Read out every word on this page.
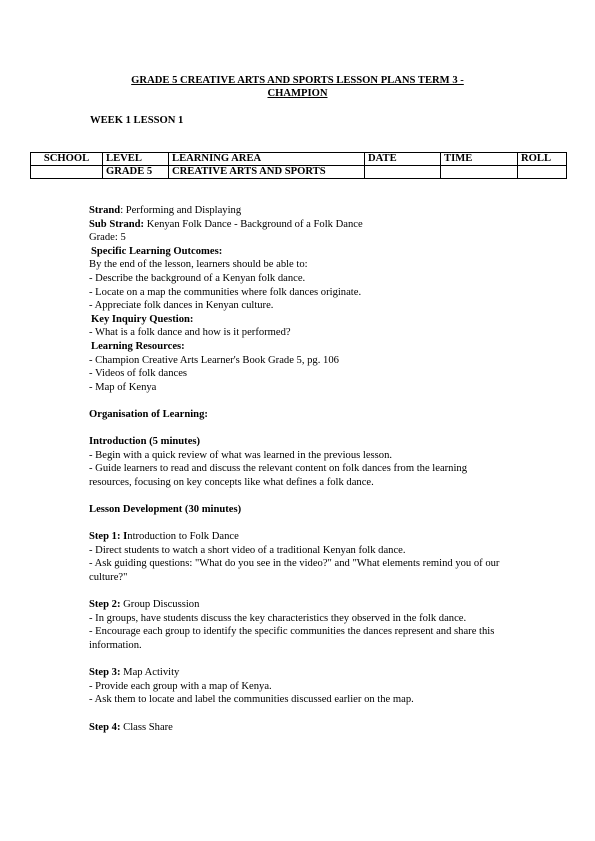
GRADE 5 CREATIVE ARTS AND SPORTS LESSON PLANS TERM 3 -
CHAMPION
WEEK 1 LESSON 1
SCHOOL	LEVEL	LEARNING AREA	DATE	TIME	ROLL
	GRADE 5	CREATIVE ARTS AND SPORTS			

Strand: Performing and Displaying

Sub Strand: Kenyan Folk Dance - Background of a Folk Dance

Grade: 5

Specific Learning Outcomes:

By the end of the lesson, learners should be able to:

- Describe the background of a Kenyan folk dance.

- Locate on a map the communities where folk dances originate.

- Appreciate folk dances in Kenyan culture.

Key Inquiry Question:

- What is a folk dance and how is it performed?

Learning Resources:

- Champion Creative Arts Learner's Book Grade 5, pg. 106

- Videos of folk dances

- Map of Kenya

Organisation of Learning:

Introduction (5 minutes)

- Begin with a quick review of what was learned in the previous lesson.

- Guide learners to read and discuss the relevant content on folk dances from the learning resources, focusing on key concepts like what defines a folk dance.

Lesson Development (30 minutes)

Step 1: Introduction to Folk Dance

- Direct students to watch a short video of a traditional Kenyan folk dance.

- Ask guiding questions: "What do you see in the video?" and "What elements remind you of our culture?"

Step 2: Group Discussion

- In groups, have students discuss the key characteristics they observed in the folk dance.

- Encourage each group to identify the specific communities the dances represent and share this information.

Step 3: Map Activity

- Provide each group with a map of Kenya.

- Ask them to locate and label the communities discussed earlier on the map.

Step 4: Class Share
